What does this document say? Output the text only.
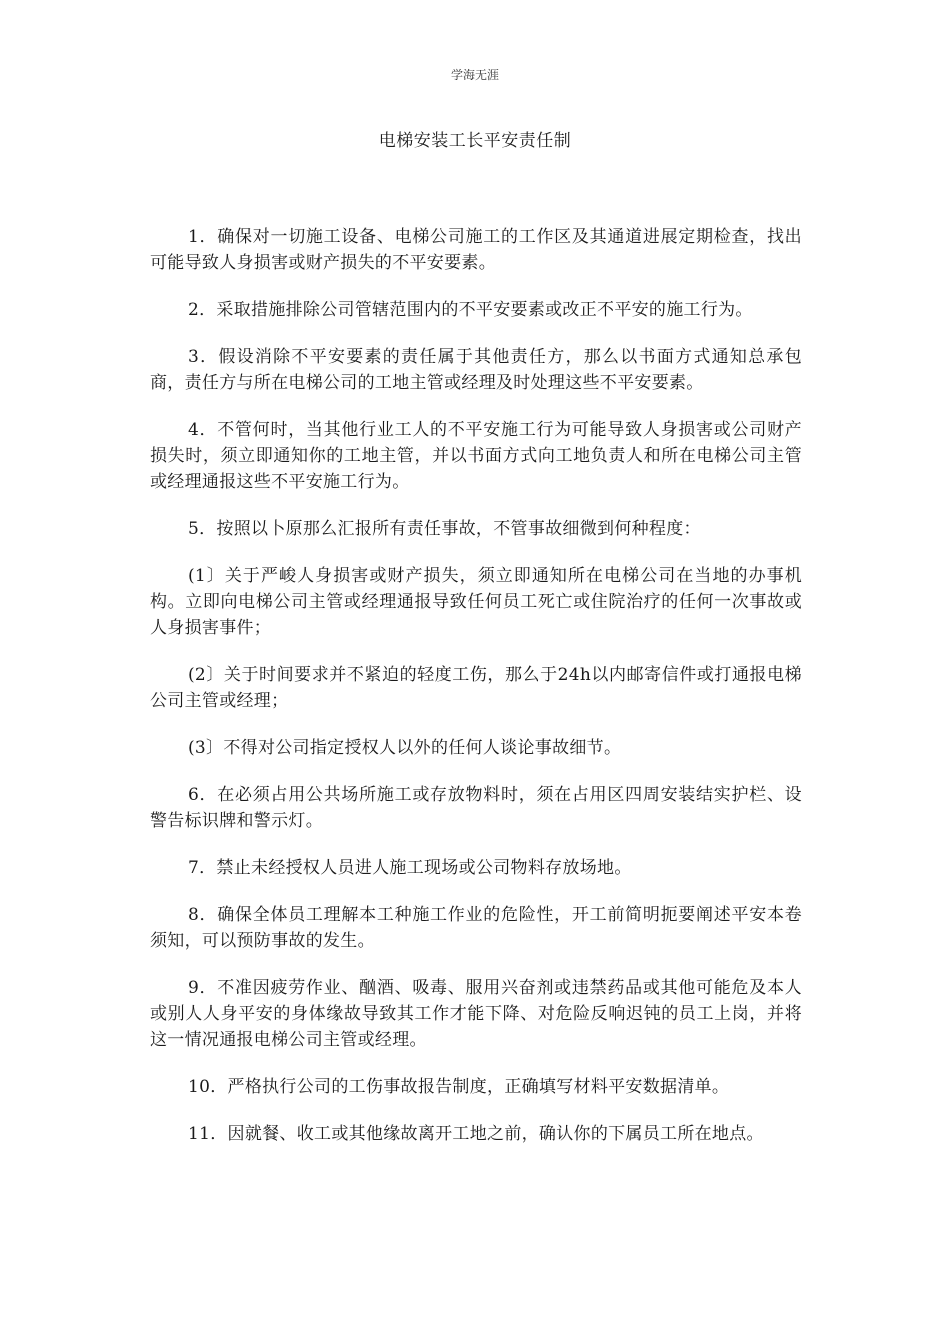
学海无涯
电梯安装工长平安责任制

1．确保对一切施工设备、电梯公司施工的工作区及其通道进展定期检查，找出可能导致人身损害或财产损失的不平安要素。

2．采取措施排除公司管辖范围内的不平安要素或改正不平安的施工行为。

3．假设消除不平安要素的责任属于其他责任方，那么以书面方式通知总承包商，责任方与所在电梯公司的工地主管或经理及时处理这些不平安要素。

4．不管何时，当其他行业工人的不平安施工行为可能导致人身损害或公司财产损失时，须立即通知你的工地主管，并以书面方式向工地负责人和所在电梯公司主管或经理通报这些不平安施工行为。

5．按照以卜原那么汇报所有责任事故，不管事故细微到何种程度：

(1〕关于严峻人身损害或财产损失，须立即通知所在电梯公司在当地的办事机构。立即向电梯公司主管或经理通报导致任何员工死亡或住院治疗的任何一次事故或人身损害事件；

(2〕关于时间要求并不紧迫的轻度工伤，那么于24h以内邮寄信件或打通报电梯公司主管或经理；

(3〕不得对公司指定授权人以外的任何人谈论事故细节。

6．在必须占用公共场所施工或存放物料时，须在占用区四周安装结实护栏、设警告标识牌和警示灯。

7．禁止未经授权人员进人施工现场或公司物料存放场地。

8．确保全体员工理解本工种施工作业的危险性，开工前简明扼要阐述平安本卷须知，可以预防事故的发生。

9．不准因疲劳作业、酗酒、吸毒、服用兴奋剂或违禁药品或其他可能危及本人或别人人身平安的身体缘故导致其工作才能下降、对危险反响迟钝的员工上岗，并将这一情况通报电梯公司主管或经理。

10．严格执行公司的工伤事故报告制度，正确填写材料平安数据清单。

11．因就餐、收工或其他缘故离开工地之前，确认你的下属员工所在地点。
